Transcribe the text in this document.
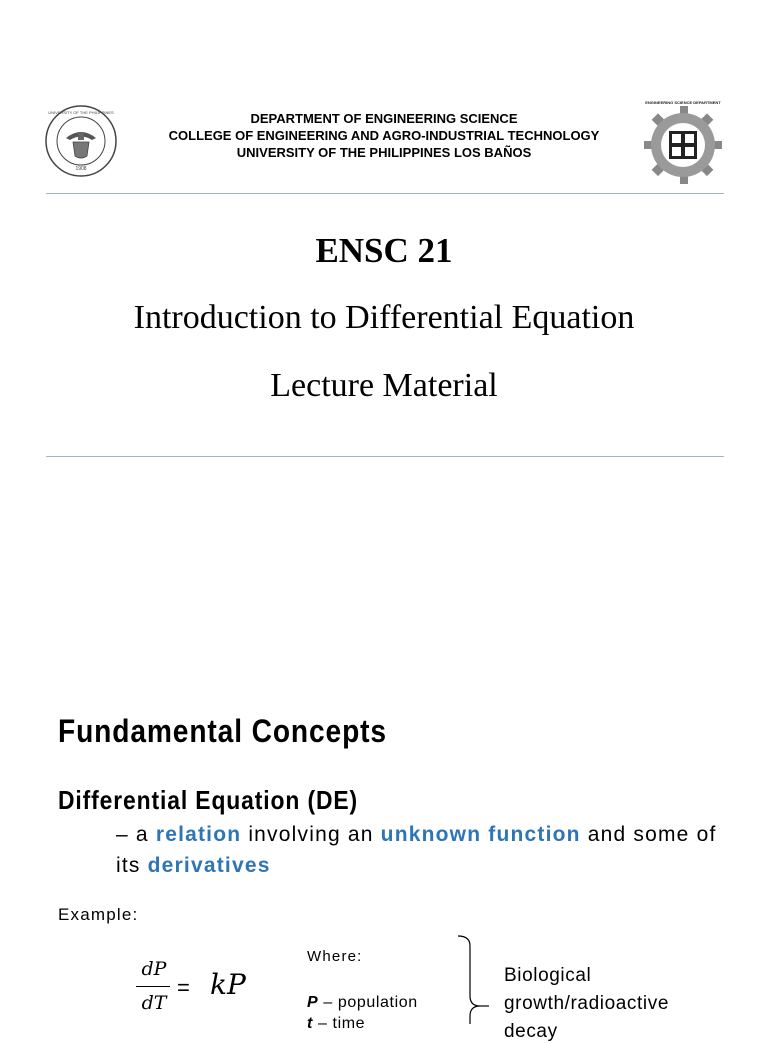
UNIVERSITY OF THE PHILIPPINES
1908
ENGINEERING SCIENCE DEPARTMENT
DEPARTMENT OF ENGINEERING SCIENCE
COLLEGE OF ENGINEERING AND AGRO-INDUSTRIAL TECHNOLOGY
UNIVERSITY OF THE PHILIPPINES LOS BAÑOS
ENSC 21
Introduction to Differential Equation
Lecture Material
Fundamental Concepts
Differential Equation (DE)
– a relation involving an unknown function and some of
its derivatives
Example:
dP
dT
= kP
Where:
P – population
t – time
Biological
growth/radioactive
decay
